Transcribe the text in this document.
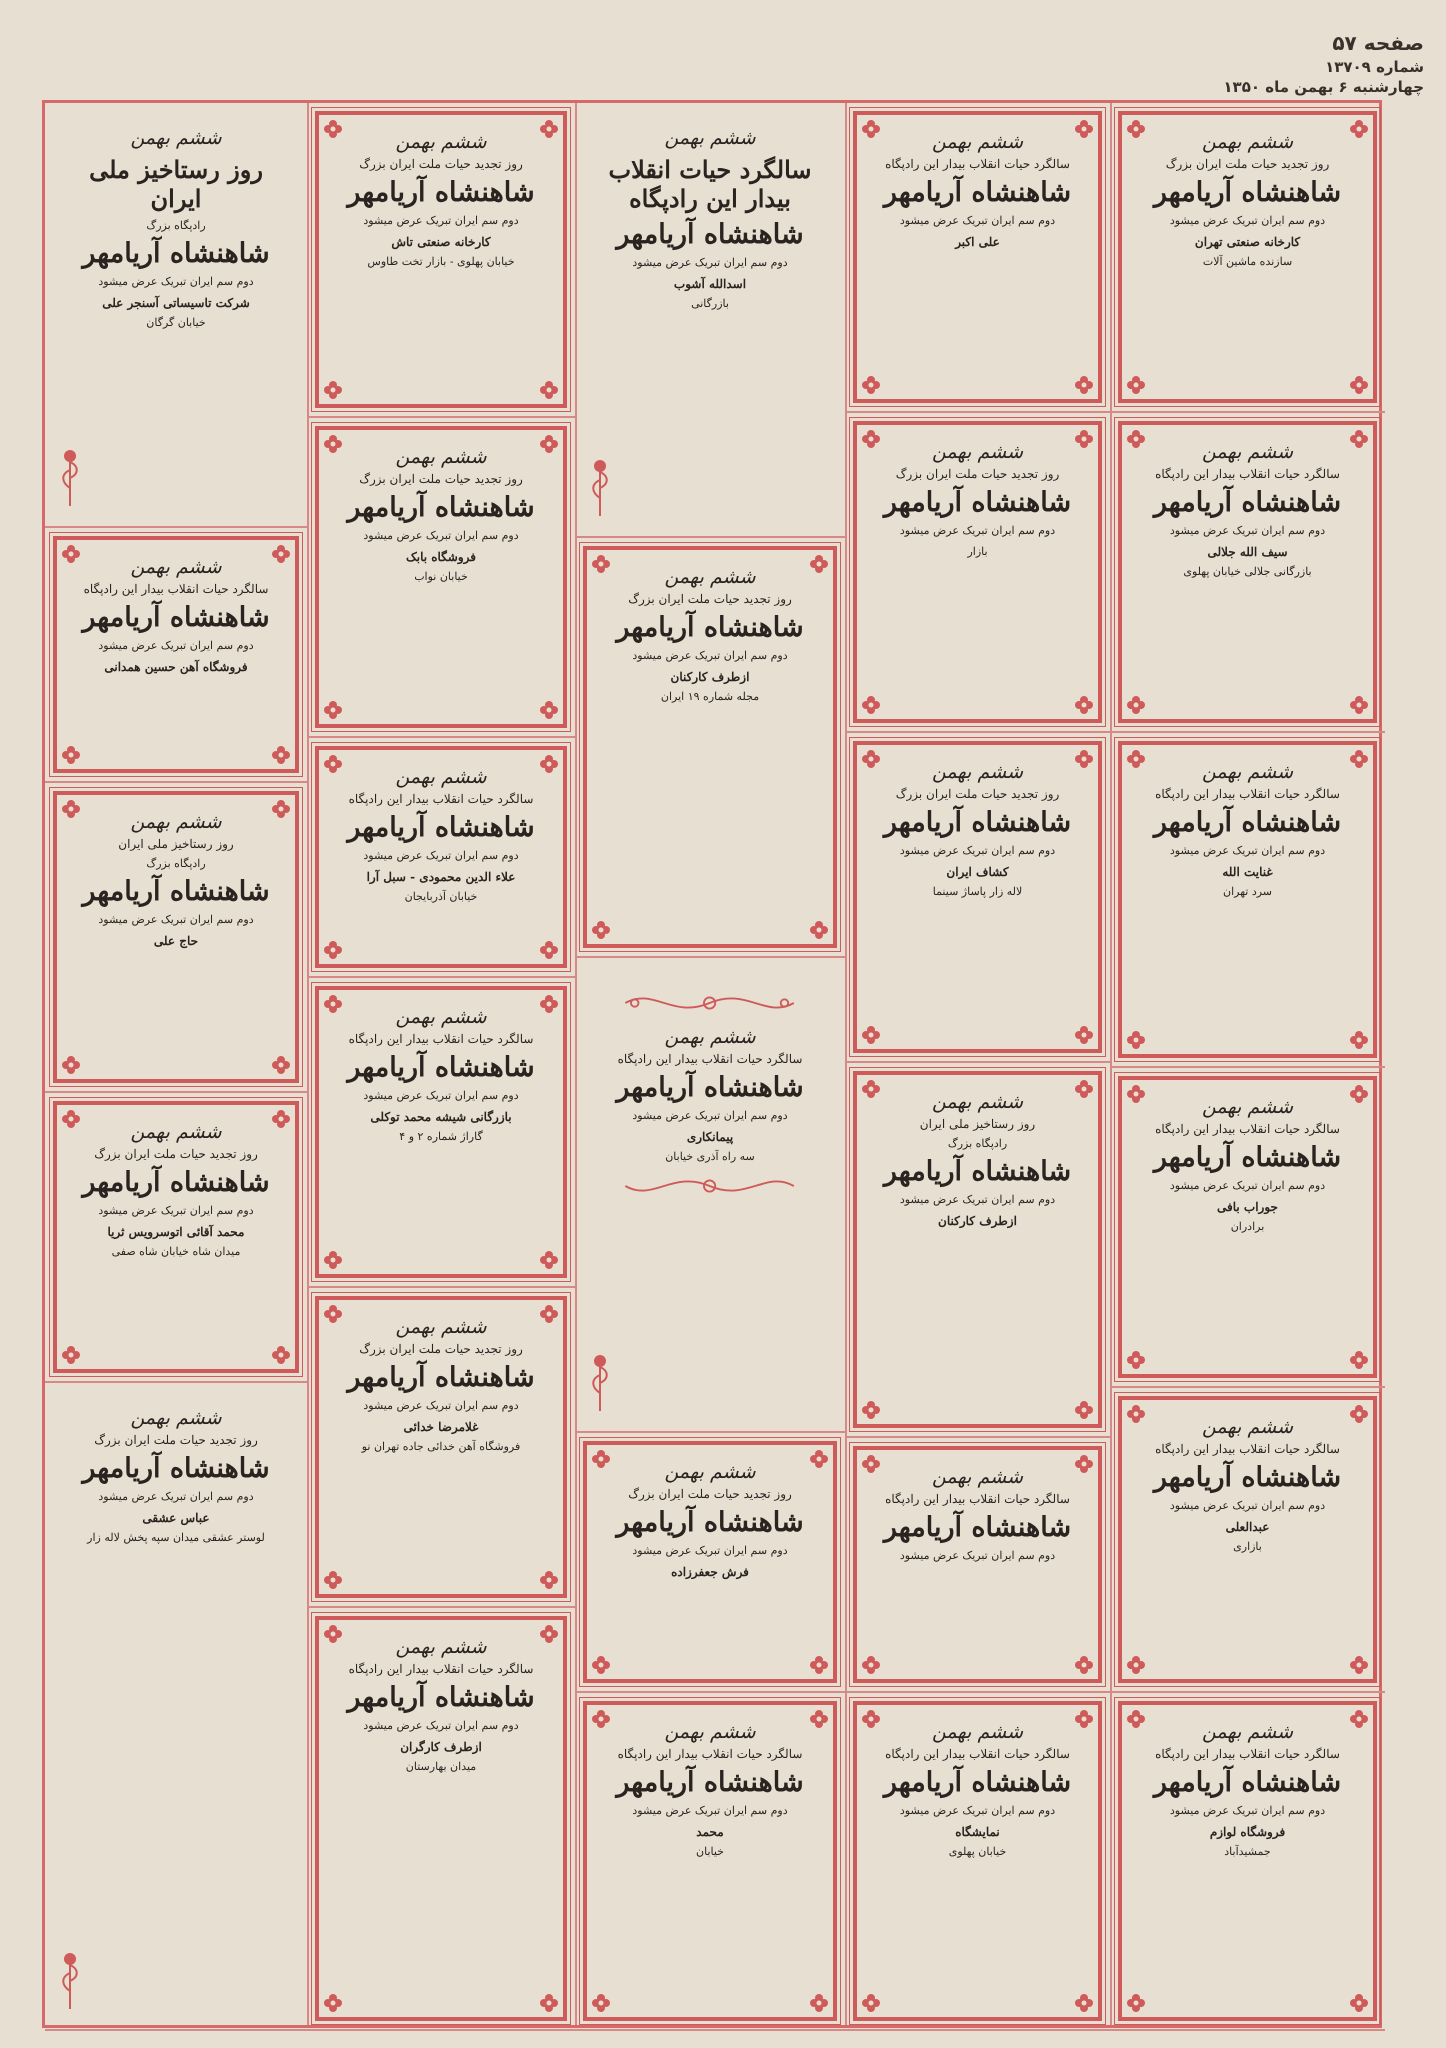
صفحه ۵۷
شماره ۱۳۷۰۹
چهارشنبه ۶ بهمن ماه ۱۳۵۰
ششم بهمن
روز رستاخیز ملی ایران
رادپگاه بزرگ
شاهنشاه آریامهر
دوم سم ایران تبریک عرض میشود
شرکت تاسیساتی آسنجر علی
خیابان گرگان
ششم بهمن
سالگرد حیات انقلاب بیدار این رادپگاه
شاهنشاه آریامهر
دوم سم ایران تبریک عرض میشود
فروشگاه آهن حسین همدانی
ششم بهمن
روز رستاخیز ملی ایران
رادپگاه بزرگ
شاهنشاه آریامهر
دوم سم ایران تبریک عرض میشود
حاج علی
ششم بهمن
روز تجدید حیات ملت ایران بزرگ
شاهنشاه آریامهر
دوم سم ایران تبریک عرض میشود
محمد آقائی اتوسرویس ثریا
میدان شاه خیابان شاه صفی
ششم بهمن
روز تجدید حیات ملت ایران بزرگ
شاهنشاه آریامهر
دوم سم ایران تبریک عرض میشود
عباس عشقی
لوستر عشقی میدان سپه پخش لاله زار
ششم بهمن
روز تجدید حیات ملت ایران بزرگ
شاهنشاه آریامهر
دوم سم ایران تبریک عرض میشود
کارخانه صنعتی تاش
خیابان پهلوی - بازار تخت طاوس
ششم بهمن
روز تجدید حیات ملت ایران بزرگ
شاهنشاه آریامهر
دوم سم ایران تبریک عرض میشود
فروشگاه بابک
خیابان نواب
ششم بهمن
سالگرد حیات انقلاب بیدار این رادپگاه
شاهنشاه آریامهر
دوم سم ایران تبریک عرض میشود
علاء الدین محمودی - سبل آرا
خیابان آذربایجان
ششم بهمن
سالگرد حیات انقلاب بیدار این رادپگاه
شاهنشاه آریامهر
دوم سم ایران تبریک عرض میشود
بازرگانی شیشه محمد توکلی
گاراژ شماره ۲ و ۴
ششم بهمن
روز تجدید حیات ملت ایران بزرگ
شاهنشاه آریامهر
دوم سم ایران تبریک عرض میشود
غلامرضا خدائی
فروشگاه آهن خدائی جاده تهران نو
ششم بهمن
سالگرد حیات انقلاب بیدار این رادپگاه
شاهنشاه آریامهر
دوم سم ایران تبریک عرض میشود
ازطرف کارگران
میدان بهارستان
ششم بهمن
سالگرد حیات انقلاب بیدار این رادپگاه
شاهنشاه آریامهر
دوم سم ایران تبریک عرض میشود
اسدالله آشوب
بازرگانی
ششم بهمن
روز تجدید حیات ملت ایران بزرگ
شاهنشاه آریامهر
دوم سم ایران تبریک عرض میشود
ازطرف کارکنان
مجله شماره ۱۹ ایران
ششم بهمن
سالگرد حیات انقلاب بیدار این رادپگاه
شاهنشاه آریامهر
دوم سم ایران تبریک عرض میشود
پیمانکاری
سه راه آذری خیابان
ششم بهمن
روز تجدید حیات ملت ایران بزرگ
شاهنشاه آریامهر
دوم سم ایران تبریک عرض میشود
فرش جعفرزاده
ششم بهمن
سالگرد حیات انقلاب بیدار این رادپگاه
شاهنشاه آریامهر
دوم سم ایران تبریک عرض میشود
محمد
خیابان
ششم بهمن
سالگرد حیات انقلاب بیدار این رادپگاه
شاهنشاه آریامهر
دوم سم ایران تبریک عرض میشود
علی اکبر
ششم بهمن
روز تجدید حیات ملت ایران بزرگ
شاهنشاه آریامهر
دوم سم ایران تبریک عرض میشود
بازار
ششم بهمن
روز تجدید حیات ملت ایران بزرگ
شاهنشاه آریامهر
دوم سم ایران تبریک عرض میشود
کشاف ایران
لاله زار پاساژ سینما
ششم بهمن
روز رستاخیز ملی ایران
رادپگاه بزرگ
شاهنشاه آریامهر
دوم سم ایران تبریک عرض میشود
ازطرف کارکنان
ششم بهمن
سالگرد حیات انقلاب بیدار این رادپگاه
شاهنشاه آریامهر
دوم سم ایران تبریک عرض میشود
ششم بهمن
سالگرد حیات انقلاب بیدار این رادپگاه
شاهنشاه آریامهر
دوم سم ایران تبریک عرض میشود
نمایشگاه
خیابان پهلوی
ششم بهمن
روز تجدید حیات ملت ایران بزرگ
شاهنشاه آریامهر
دوم سم ایران تبریک عرض میشود
کارخانه صنعتی تهران
سازنده ماشین آلات
ششم بهمن
سالگرد حیات انقلاب بیدار این رادپگاه
شاهنشاه آریامهر
دوم سم ایران تبریک عرض میشود
سیف الله جلالی
بازرگانی جلالی خیابان پهلوی
ششم بهمن
سالگرد حیات انقلاب بیدار این رادپگاه
شاهنشاه آریامهر
دوم سم ایران تبریک عرض میشود
غنایت الله
سرد تهران
ششم بهمن
سالگرد حیات انقلاب بیدار این رادپگاه
شاهنشاه آریامهر
دوم سم ایران تبریک عرض میشود
جوراب بافی
برادران
ششم بهمن
سالگرد حیات انقلاب بیدار این رادپگاه
شاهنشاه آریامهر
دوم سم ایران تبریک عرض میشود
عبدالعلی
بازاری
ششم بهمن
سالگرد حیات انقلاب بیدار این رادپگاه
شاهنشاه آریامهر
دوم سم ایران تبریک عرض میشود
فروشگاه لوازم
جمشیدآباد
